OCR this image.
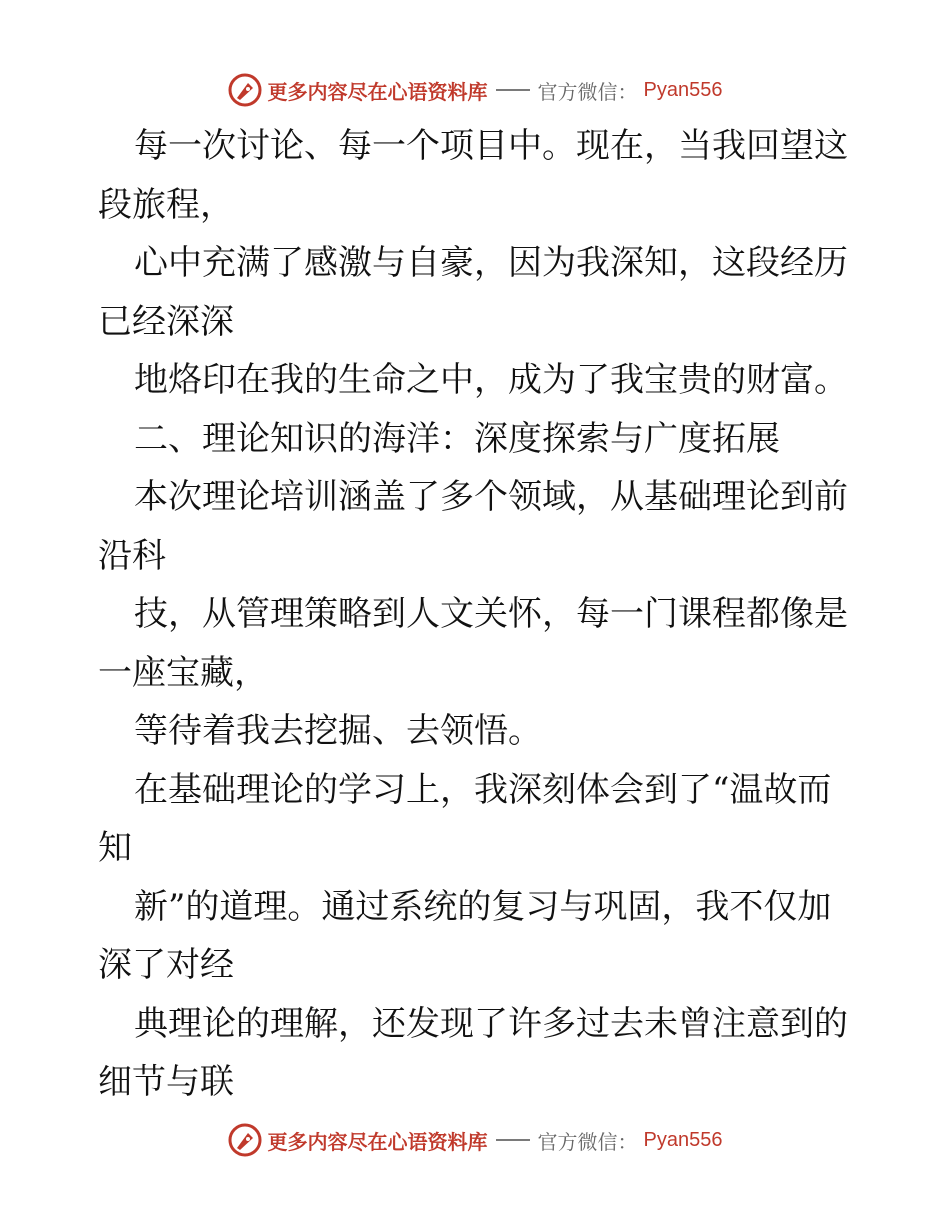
更多内容尽在心语资料库	官方微信： Pyan556
每一次讨论、每一个项目中。现在，当我回望这
段旅程，
心中充满了感激与自豪，因为我深知，这段经历
已经深深
地烙印在我的生命之中，成为了我宝贵的财富。
二、理论知识的海洋：深度探索与广度拓展
本次理论培训涵盖了多个领域，从基础理论到前
沿科
技，从管理策略到人文关怀，每一门课程都像是
一座宝藏，
等待着我去挖掘、去领悟。
在基础理论的学习上，我深刻体会到了“温故而
知
新”的道理。通过系统的复习与巩固，我不仅加
深了对经
典理论的理解，还发现了许多过去未曾注意到的
细节与联
更多内容尽在心语资料库	官方微信： Pyan556
